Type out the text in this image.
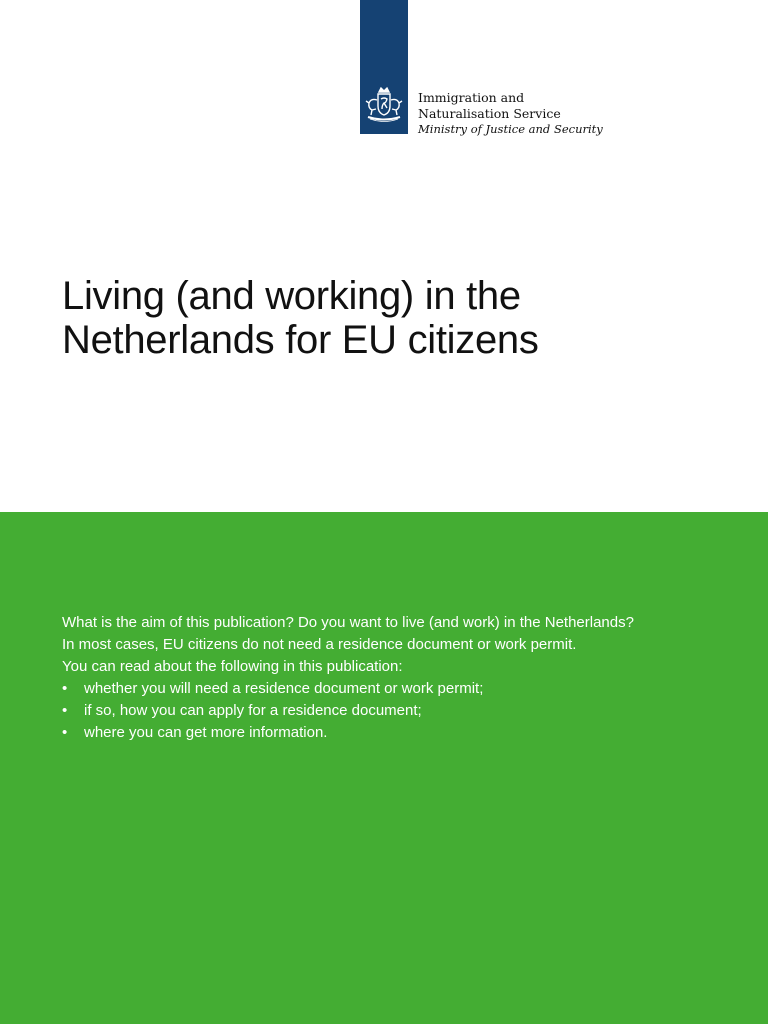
Immigration and Naturalisation Service
Ministry of Justice and Security
Living (and working) in the
Netherlands for EU citizens

What is the aim of this publication? Do you want to live (and work) in the Netherlands?

In most cases, EU citizens do not need a residence document or work permit.

You can read about the following in this publication:

• whether you will need a residence document or work permit;
• if so, how you can apply for a residence document;
• where you can get more information.
